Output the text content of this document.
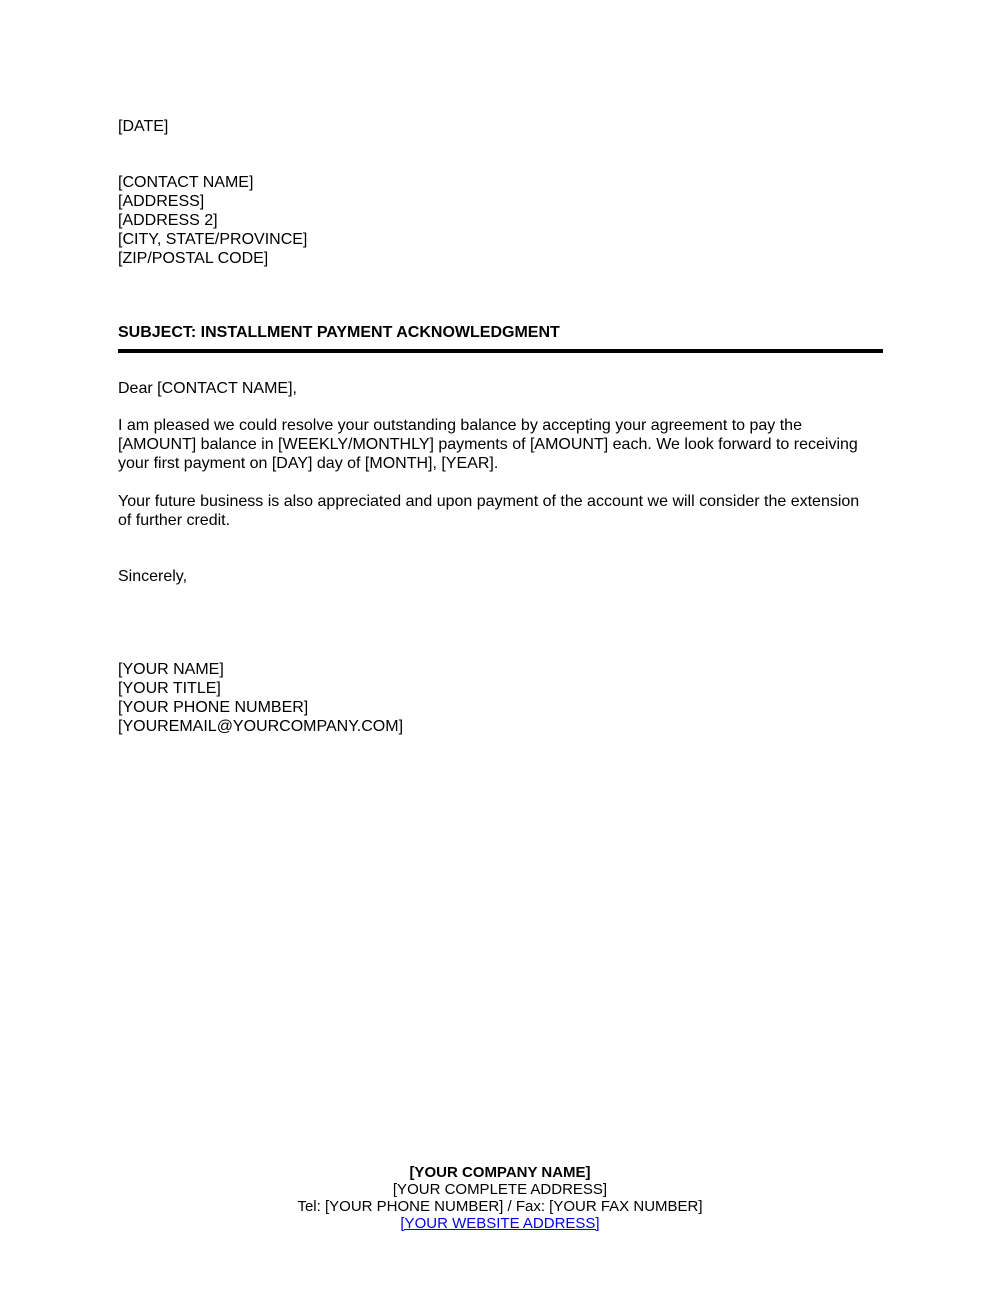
[DATE]

[CONTACT NAME]
[ADDRESS]
[ADDRESS 2]
[CITY, STATE/PROVINCE]
[ZIP/POSTAL CODE]
SUBJECT: INSTALLMENT PAYMENT ACKNOWLEDGMENT

Dear [CONTACT NAME],

I am pleased we could resolve your outstanding balance by accepting your agreement to pay the
[AMOUNT] balance in [WEEKLY/MONTHLY] payments of [AMOUNT] each. We look forward to receiving
your first payment on [DAY] day of [MONTH], [YEAR].
Your future business is also appreciated and upon payment of the account we will consider the extension
of further credit.

Sincerely,

[YOUR NAME]
[YOUR TITLE]
[YOUR PHONE NUMBER]
[YOUREMAIL@YOURCOMPANY.COM]
[YOUR COMPANY NAME]
[YOUR COMPLETE ADDRESS]
Tel: [YOUR PHONE NUMBER] / Fax: [YOUR FAX NUMBER]
[YOUR WEBSITE ADDRESS]
